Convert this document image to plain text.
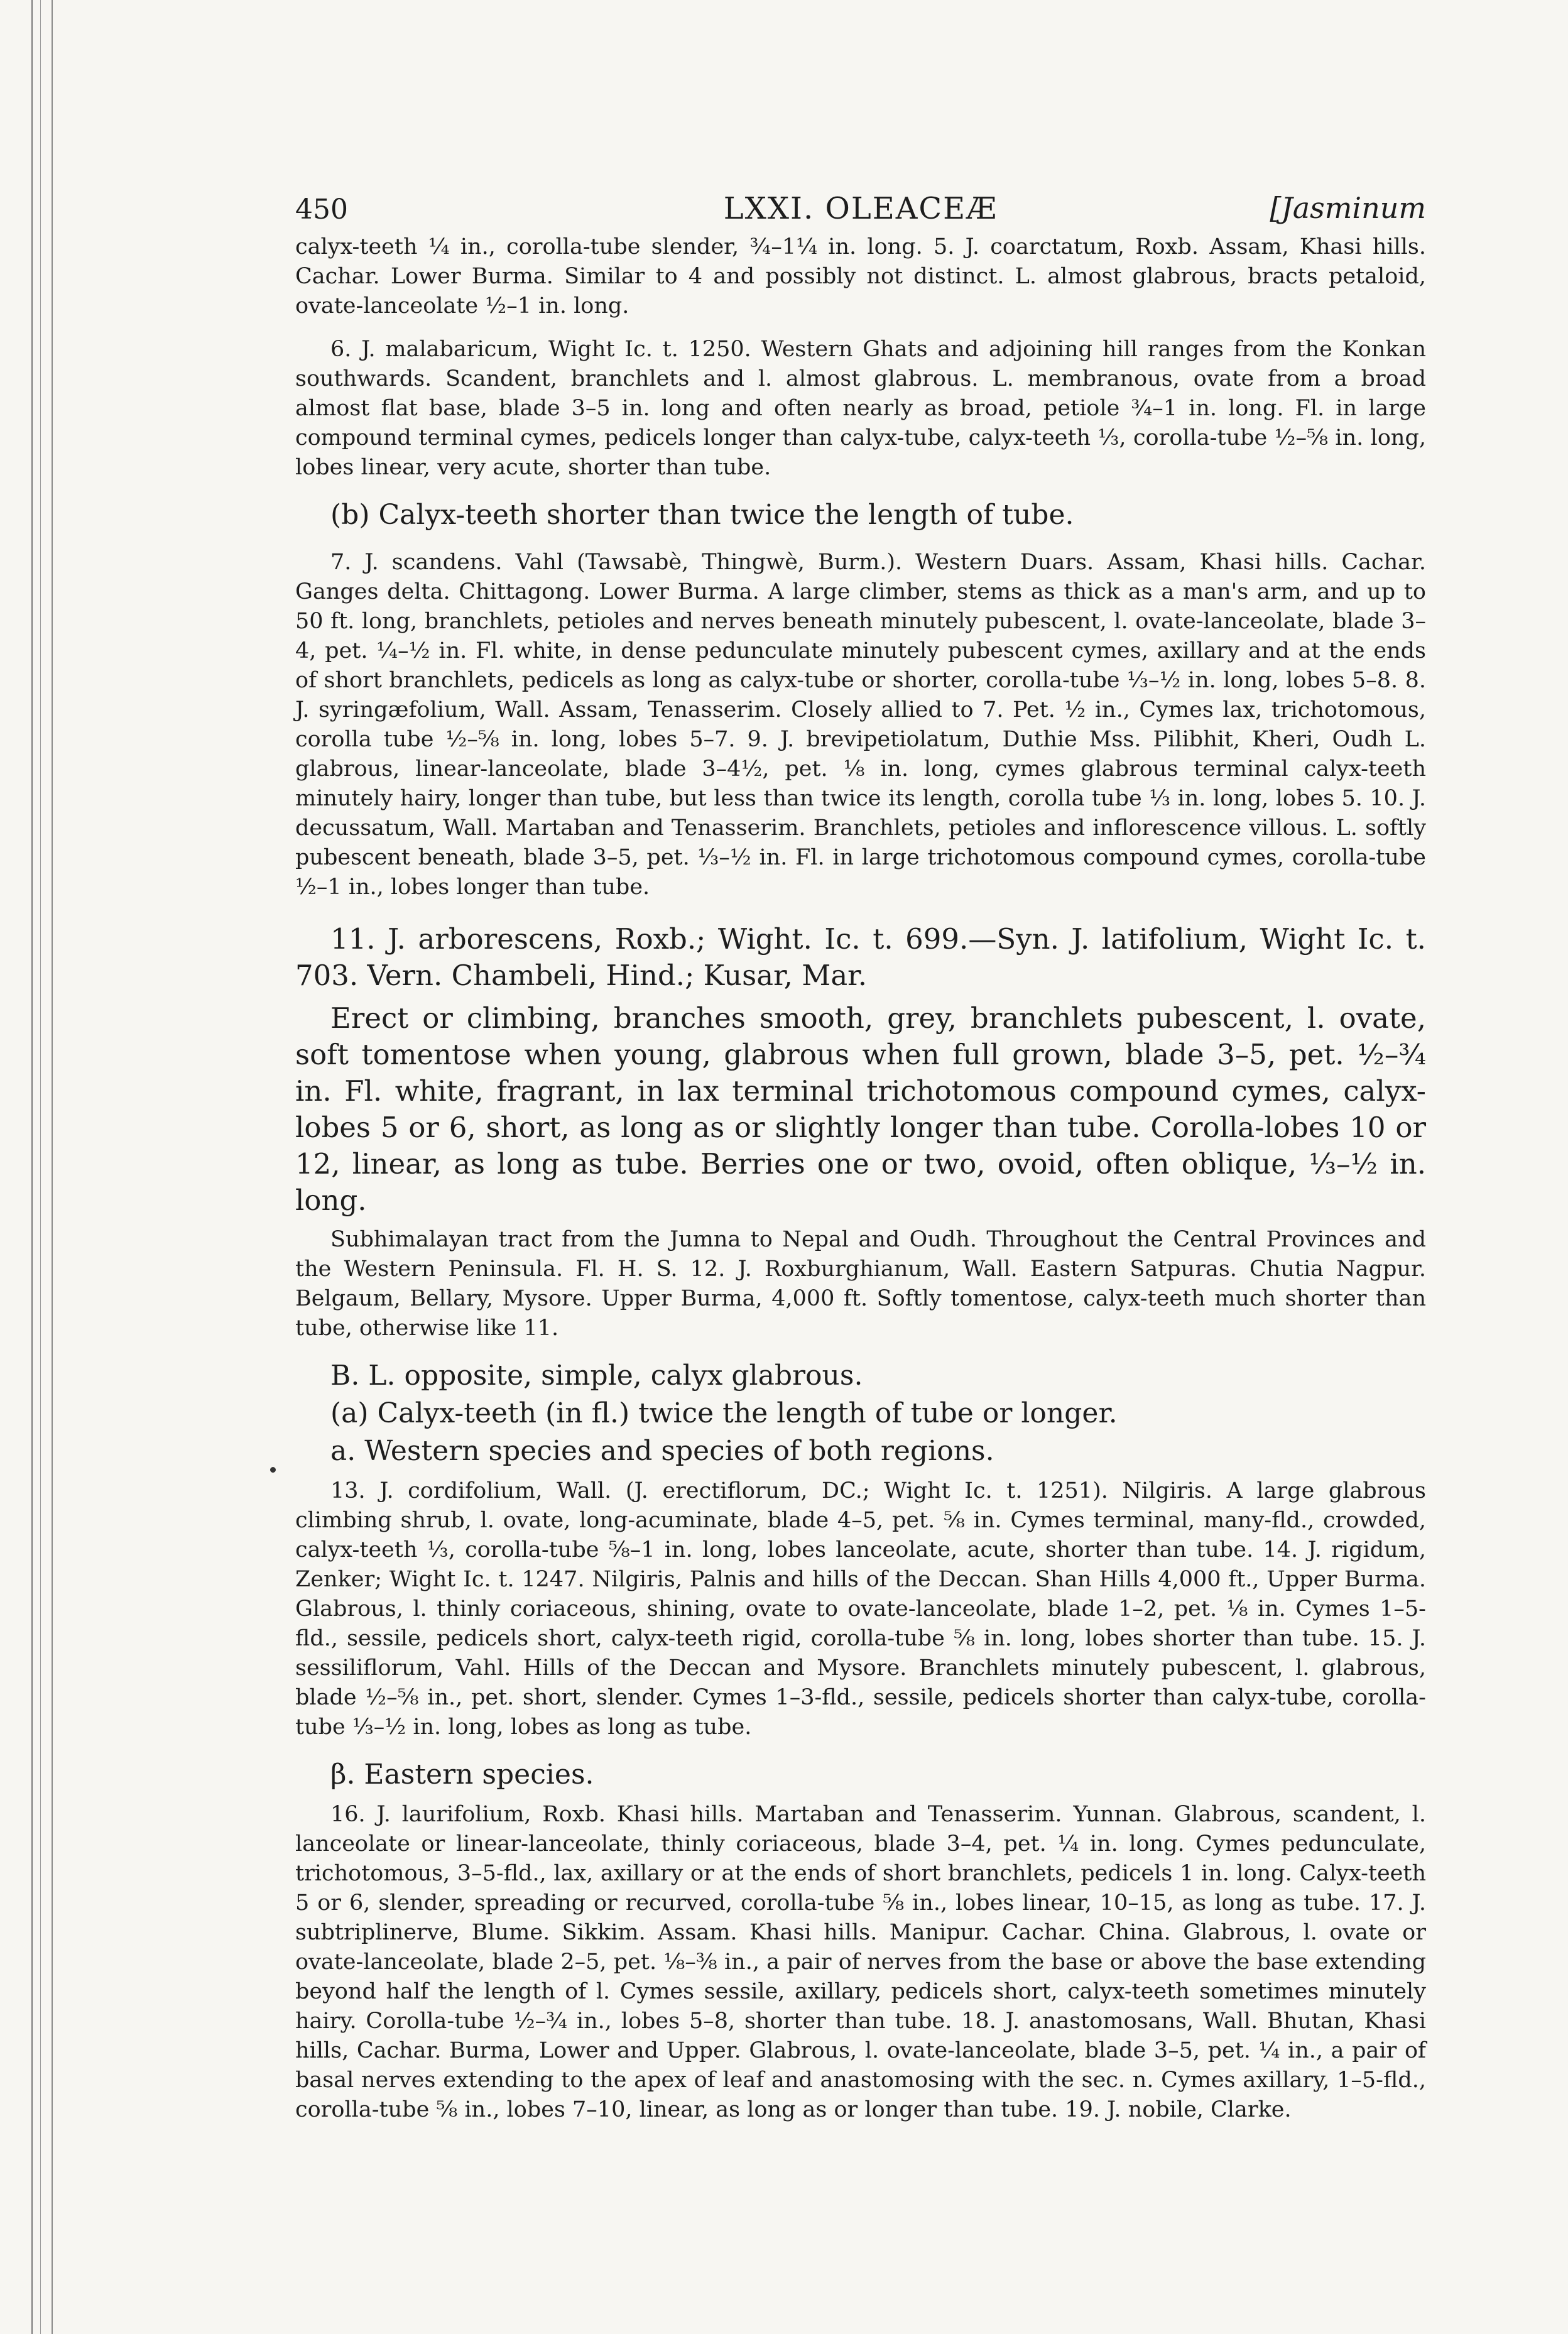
450	LXXI. OLEACEÆ	[Jasminum

calyx-teeth ¼ in., corolla-tube slender, ¾–1¼ in. long. 5. J. coarctatum, Roxb. Assam, Khasi hills. Cachar. Lower Burma. Similar to 4 and possibly not distinct. L. almost glabrous, bracts petaloid, ovate-lanceolate ½–1 in. long.

6. J. malabaricum, Wight Ic. t. 1250. Western Ghats and adjoining hill ranges from the Konkan southwards. Scandent, branchlets and l. almost glabrous. L. membranous, ovate from a broad almost flat base, blade 3–5 in. long and often nearly as broad, petiole ¾–1 in. long. Fl. in large compound terminal cymes, pedicels longer than calyx-tube, calyx-teeth ⅓, corolla-tube ½–⅝ in. long, lobes linear, very acute, shorter than tube.

(b) Calyx-teeth shorter than twice the length of tube.

7. J. scandens. Vahl (Tawsabè, Thingwè, Burm.). Western Duars. Assam, Khasi hills. Cachar. Ganges delta. Chittagong. Lower Burma. A large climber, stems as thick as a man's arm, and up to 50 ft. long, branchlets, petioles and nerves beneath minutely pubescent, l. ovate-lanceolate, blade 3–4, pet. ¼–½ in. Fl. white, in dense pedunculate minutely pubescent cymes, axillary and at the ends of short branchlets, pedicels as long as calyx-tube or shorter, corolla-tube ⅓–½ in. long, lobes 5–8. 8. J. syringæfolium, Wall. Assam, Tenasserim. Closely allied to 7. Pet. ½ in., Cymes lax, trichotomous, corolla tube ½–⅝ in. long, lobes 5–7. 9. J. brevipetiolatum, Duthie Mss. Pilibhit, Kheri, Oudh L. glabrous, linear-lanceolate, blade 3–4½, pet. ⅛ in. long, cymes glabrous terminal calyx-teeth minutely hairy, longer than tube, but less than twice its length, corolla tube ⅓ in. long, lobes 5. 10. J. decussatum, Wall. Martaban and Tenasserim. Branchlets, petioles and inflorescence villous. L. softly pubescent beneath, blade 3–5, pet. ⅓–½ in. Fl. in large trichotomous compound cymes, corolla-tube ½–1 in., lobes longer than tube.

11. J. arborescens, Roxb.; Wight. Ic. t. 699.—Syn. J. latifolium, Wight Ic. t. 703. Vern. Chambeli, Hind.; Kusar, Mar.

Erect or climbing, branches smooth, grey, branchlets pubescent, l. ovate, soft tomentose when young, glabrous when full grown, blade 3–5, pet. ½–¾ in. Fl. white, fragrant, in lax terminal trichotomous compound cymes, calyx-lobes 5 or 6, short, as long as or slightly longer than tube. Corolla-lobes 10 or 12, linear, as long as tube. Berries one or two, ovoid, often oblique, ⅓–½ in. long.

Subhimalayan tract from the Jumna to Nepal and Oudh. Throughout the Central Provinces and the Western Peninsula. Fl. H. S. 12. J. Roxburghianum, Wall. Eastern Satpuras. Chutia Nagpur. Belgaum, Bellary, Mysore. Upper Burma, 4,000 ft. Softly tomentose, calyx-teeth much shorter than tube, otherwise like 11.

B. L. opposite, simple, calyx glabrous.

(a) Calyx-teeth (in fl.) twice the length of tube or longer.

a. Western species and species of both regions.

13. J. cordifolium, Wall. (J. erectiflorum, DC.; Wight Ic. t. 1251). Nilgiris. A large glabrous climbing shrub, l. ovate, long-acuminate, blade 4–5, pet. ⅝ in. Cymes terminal, many-fld., crowded, calyx-teeth ⅓, corolla-tube ⅝–1 in. long, lobes lanceolate, acute, shorter than tube. 14. J. rigidum, Zenker; Wight Ic. t. 1247. Nilgiris, Palnis and hills of the Deccan. Shan Hills 4,000 ft., Upper Burma. Glabrous, l. thinly coriaceous, shining, ovate to ovate-lanceolate, blade 1–2, pet. ⅛ in. Cymes 1–5-fld., sessile, pedicels short, calyx-teeth rigid, corolla-tube ⅝ in. long, lobes shorter than tube. 15. J. sessiliflorum, Vahl. Hills of the Deccan and Mysore. Branchlets minutely pubescent, l. glabrous, blade ½–⅝ in., pet. short, slender. Cymes 1–3-fld., sessile, pedicels shorter than calyx-tube, corolla-tube ⅓–½ in. long, lobes as long as tube.

β. Eastern species.

16. J. laurifolium, Roxb. Khasi hills. Martaban and Tenasserim. Yunnan. Glabrous, scandent, l. lanceolate or linear-lanceolate, thinly coriaceous, blade 3–4, pet. ¼ in. long. Cymes pedunculate, trichotomous, 3–5-fld., lax, axillary or at the ends of short branchlets, pedicels 1 in. long. Calyx-teeth 5 or 6, slender, spreading or recurved, corolla-tube ⅝ in., lobes linear, 10–15, as long as tube. 17. J. subtriplinerve, Blume. Sikkim. Assam. Khasi hills. Manipur. Cachar. China. Glabrous, l. ovate or ovate-lanceolate, blade 2–5, pet. ⅛–⅜ in., a pair of nerves from the base or above the base extending beyond half the length of l. Cymes sessile, axillary, pedicels short, calyx-teeth sometimes minutely hairy. Corolla-tube ½–¾ in., lobes 5–8, shorter than tube. 18. J. anastomosans, Wall. Bhutan, Khasi hills, Cachar. Burma, Lower and Upper. Glabrous, l. ovate-lanceolate, blade 3–5, pet. ¼ in., a pair of basal nerves extending to the apex of leaf and anastomosing with the sec. n. Cymes axillary, 1–5-fld., corolla-tube ⅝ in., lobes 7–10, linear, as long as or longer than tube. 19. J. nobile, Clarke.
